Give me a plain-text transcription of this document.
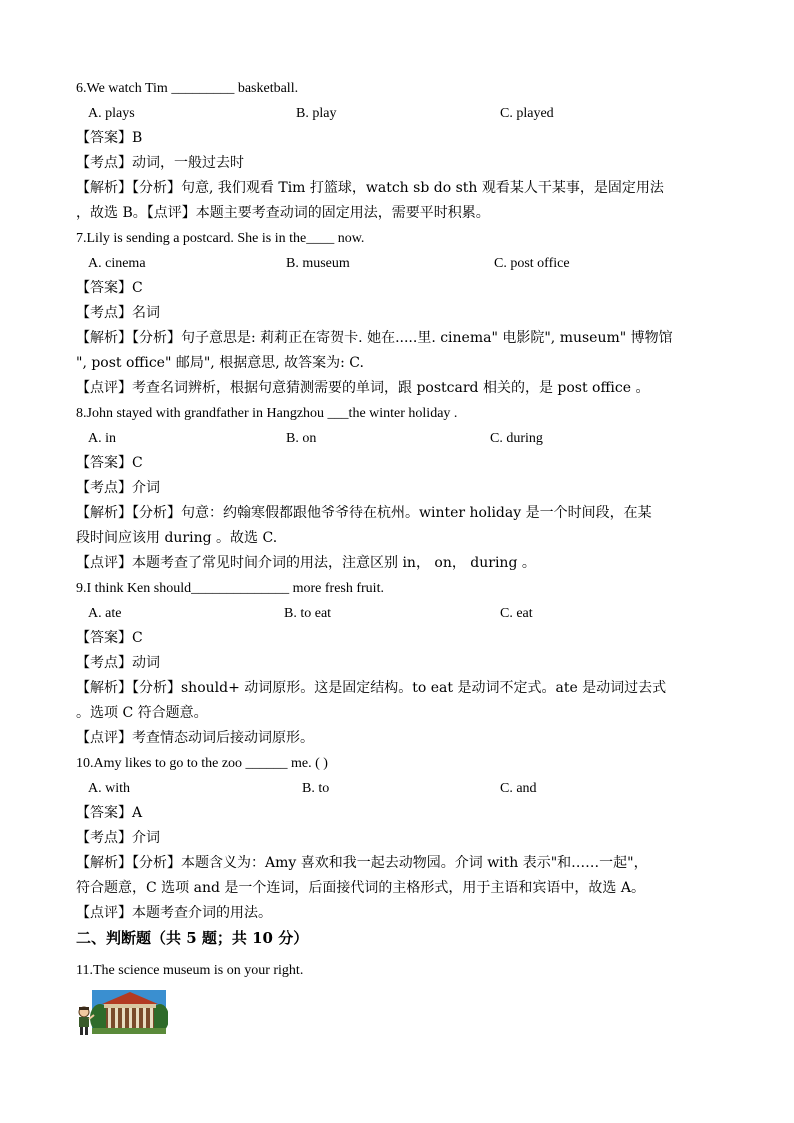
6.We watch Tim _________ basketball.
A. plays	B. play	C. played
【答案】B
【考点】动词，一般过去时
【解析】【分析】句意, 我们观看 Tim 打篮球，watch sb do sth 观看某人干某事，是固定用法
，故选 B。【点评】本题主要考查动词的固定用法，需要平时积累。
7.Lily is sending a postcard. She is in the____ now.
A. cinema	B. museum	C. post office
【答案】C
【考点】名词
【解析】【分析】句子意思是: 莉莉正在寄贺卡. 她在.....里. cinema" 电影院", museum" 博物馆
", post office" 邮局", 根据意思, 故答案为: C.
【点评】考查名词辨析，根据句意猜测需要的单词，跟 postcard 相关的，是 post office 。
8.John stayed with grandfather in Hangzhou ___the winter holiday .
A. in	B. on	C. during
【答案】C
【考点】介词
【解析】【分析】句意：约翰寒假都跟他爷爷待在杭州。winter holiday 是一个时间段，在某
段时间应该用 during 。故选 C.
【点评】本题考查了常见时间介词的用法，注意区别 in， on， during 。
9.I think Ken should______________ more fresh fruit.
A. ate	B. to eat	C. eat
【答案】C
【考点】动词
【解析】【分析】should+ 动词原形。这是固定结构。to eat 是动词不定式。ate 是动词过去式
。选项 C 符合题意。
【点评】考查情态动词后接动词原形。
10.Amy likes to go to the zoo ______ me. ( )
A. with	B. to	C. and
【答案】A
【考点】介词
【解析】【分析】本题含义为：Amy 喜欢和我一起去动物园。介词 with 表示"和……一起"，
符合题意，C 选项 and 是一个连词，后面接代词的主格形式，用于主语和宾语中，故选 A。
【点评】本题考查介词的用法。
二、判断题（共 5 题；共 10 分）
11.The science museum is on your right.
